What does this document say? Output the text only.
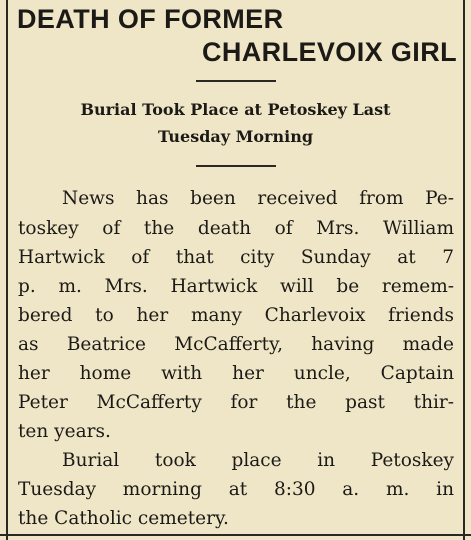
DEATH OF FORMER
CHARLEVOIX GIRL
Burial Took Place at Petoskey Last
Tuesday Morning

News has been received from Pe-

toskey of the death of Mrs. William

Hartwick of that city Sunday at 7

p. m. Mrs. Hartwick will be remem-

bered to her many Charlevoix friends

as Beatrice McCafferty, having made

her home with her uncle, Captain

Peter McCafferty for the past thir-

ten years.

Burial took place in Petoskey

Tuesday morning at 8:30 a. m. in

the Catholic cemetery.
